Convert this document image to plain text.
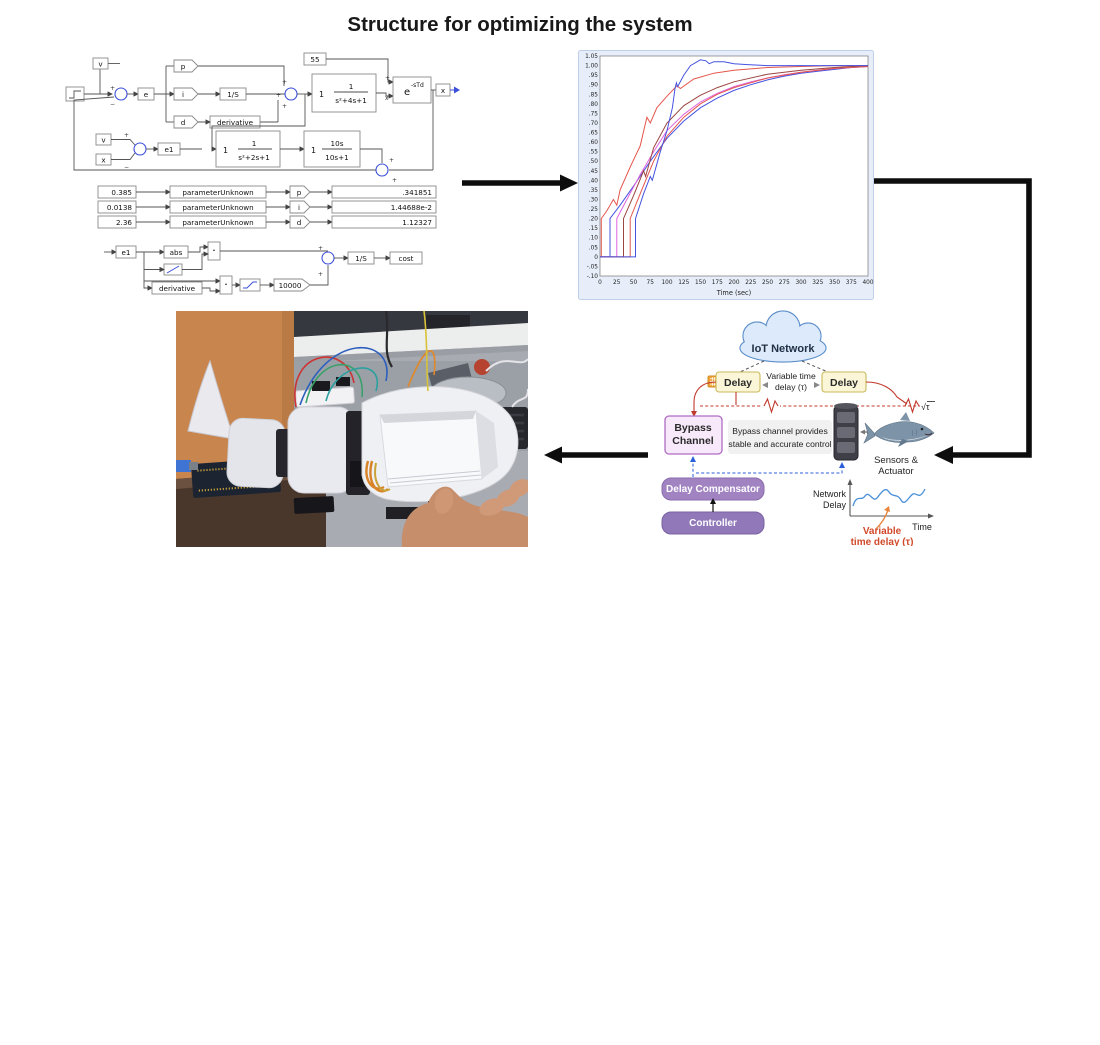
Structure for optimizing the system
v
+
−
e
p
i
d
1/S
derivative
+
+
+
1
1
s²+4s+1
55
+
x
e
-sTd
x
v
x
+
−
e1	1
1
s²+2s+1
1
10s
10s+1	+
+
0.385	parameterUnknown	p	.341851
0.0138	parameterUnknown	i	1.44688e-2
2.36	parameterUnknown	d	1.12327
e1	abs	·
derivative	·	10000
+
+
1/S	cost
0 25 50 75 100 125 150 175 200 225 250 275 300 325 350 375 400
1.05
1.00
.95
.90
.85
.80
.75
.70
.65
.60
.55
.50
.45
.40
.35
.30
.25
.20
.15
.10
.05
0
-.05
-.10
Time (sec)
IoT Network
Delay	Delay
Variable time
delay (τ)
√τ
Bypass
Channel
Bypass channel provides
stable and accurate control
Sensors &
Actuator
Delay Compensator
Controller
Network
Delay
Time
Variable
time delay (τ)
